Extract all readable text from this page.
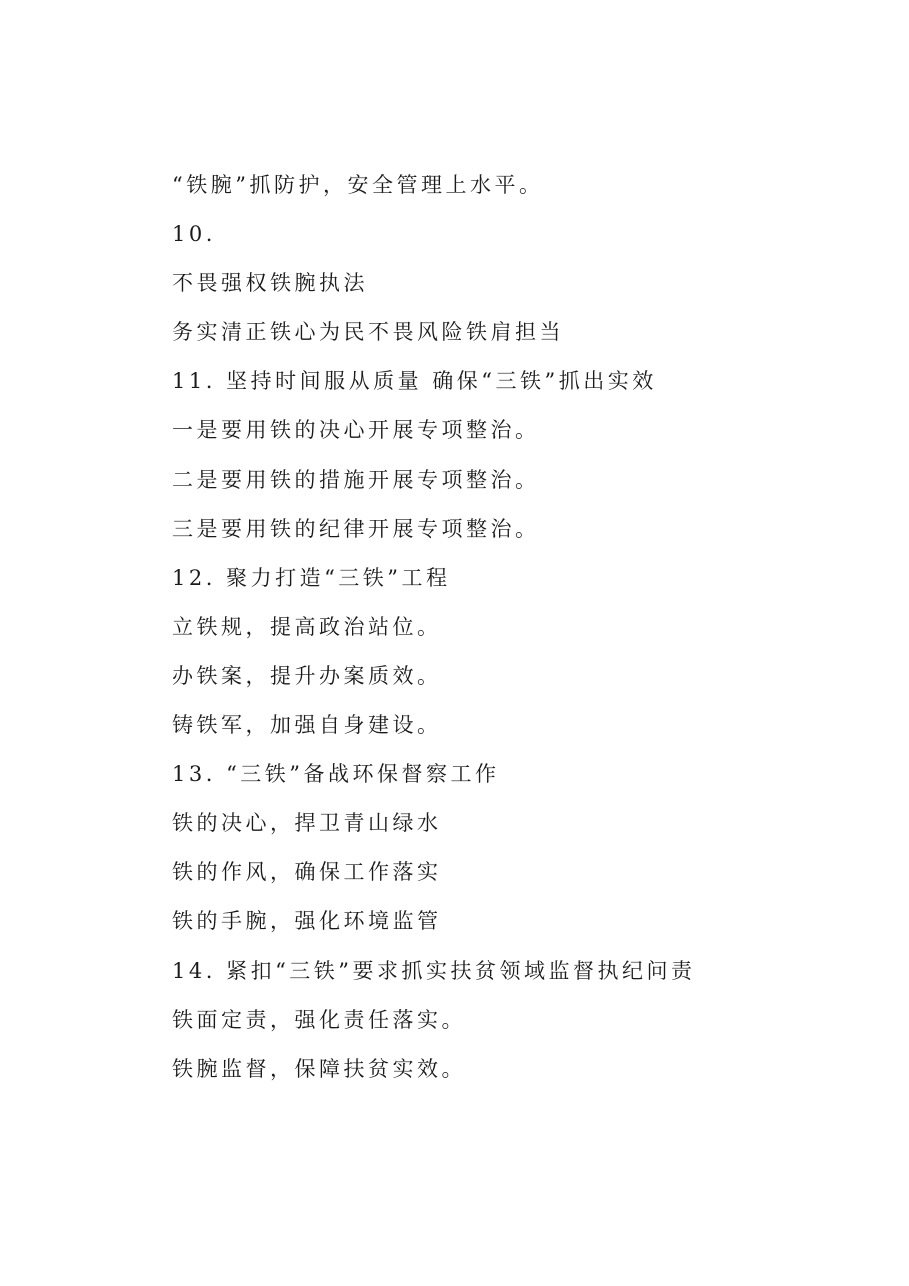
“铁腕”抓防护，安全管理上水平。
10.
不畏强权铁腕执法
务实清正铁心为民不畏风险铁肩担当
11. 坚持时间服从质量 确保“三铁”抓出实效
一是要用铁的决心开展专项整治。
二是要用铁的措施开展专项整治。
三是要用铁的纪律开展专项整治。
12. 聚力打造“三铁”工程
立铁规，提高政治站位。
办铁案，提升办案质效。
铸铁军，加强自身建设。
13. “三铁”备战环保督察工作
铁的决心，捍卫青山绿水
铁的作风，确保工作落实
铁的手腕，强化环境监管
14. 紧扣“三铁”要求抓实扶贫领域监督执纪问责
铁面定责，强化责任落实。
铁腕监督，保障扶贫实效。
